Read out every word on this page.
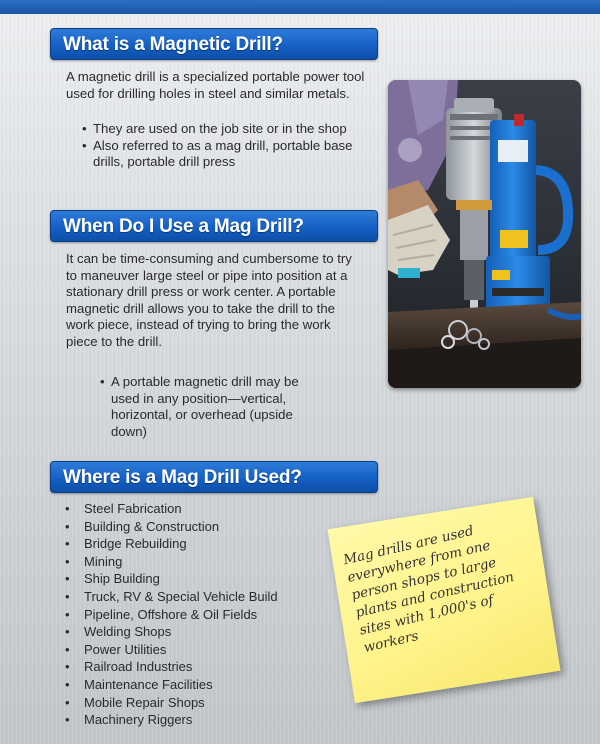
What is a Magnetic Drill?
A magnetic drill is a specialized portable power tool used for drilling holes in steel and similar metals.
• They are used on the job site or in the shop
• Also referred to as a mag drill, portable base drills, portable drill press
When Do I Use a Mag Drill?
It can be time-consuming and cumbersome to try to maneuver large steel or pipe into position at a stationary drill press or work center. A portable magnetic drill allows you to take the drill to the work piece, instead of trying to bring the work piece to the drill.
• A portable magnetic drill may be used in any position—vertical, horizontal, or overhead (upside down)
Where is a Mag Drill Used?
• Steel Fabrication
• Building & Construction
• Bridge Rebuilding
• Mining
• Ship Building
• Truck, RV & Special Vehicle Build
• Pipeline, Offshore & Oil Fields
• Welding Shops
• Power Utilities
• Railroad Industries
• Maintenance Facilities
• Mobile Repair Shops
• Machinery Riggers
Mag drills are used everywhere from one person shops to large plants and construction sites with 1,000's of workers
